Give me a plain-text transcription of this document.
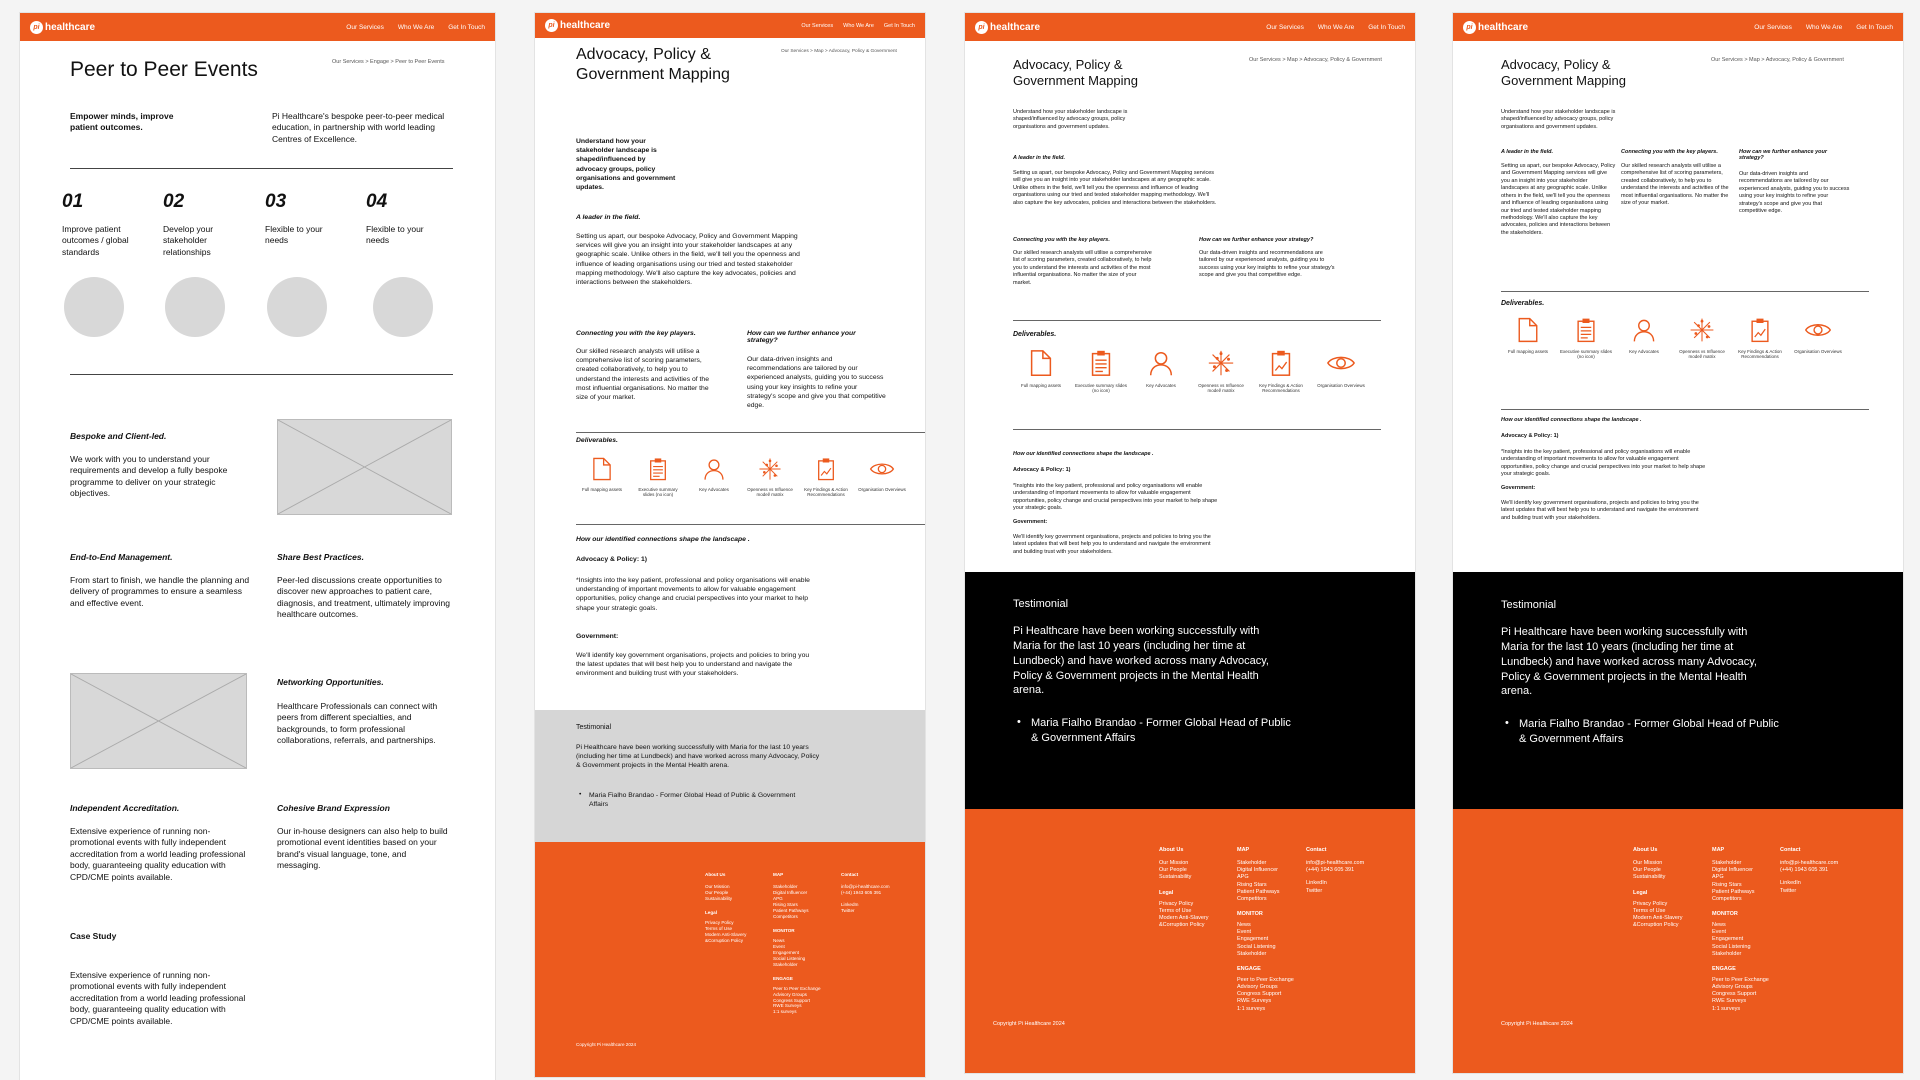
pi healthcare	Our Services Who We Are Get In Touch
Peer to Peer Events	Our Services > Engage > Peer to Peer Events
Empower minds, improve patient outcomes.
Pi Healthcare's bespoke peer-to-peer medical education, in partnership with world leading Centres of Excellence.
01
Improve patient outcomes / global standards
02
Develop your stakeholder relationships
03
Flexible to your needs
04
Flexible to your needs
Bespoke and Client-led.
We work with you to understand your requirements and develop a fully bespoke programme to deliver on your strategic objectives.
End-to-End Management.
From start to finish, we handle the planning and delivery of programmes to ensure a seamless and effective event.
Share Best Practices.
Peer-led discussions create opportunities to discover new approaches to patient care, diagnosis, and treatment, ultimately improving healthcare outcomes.
Networking Opportunities.
Healthcare Professionals can connect with peers from different specialties, and backgrounds, to form professional collaborations, referrals, and partnerships.
Independent Accreditation.
Extensive experience of running non-promotional events with fully independent accreditation from a world leading professional body, guaranteeing quality education with CPD/CME points available.
Cohesive Brand Expression
Our in-house designers can also help to build promotional event identities based on your brand's visual language, tone, and messaging.
Case Study
Extensive experience of running non-promotional events with fully independent accreditation from a world leading professional body, guaranteeing quality education with CPD/CME points available.
pi healthcare	Our Services Who We Are Get In Touch
Advocacy, Policy & Government Mapping
Our Services > Map > Advocacy, Policy & Government
Understand how your stakeholder landscape is shaped/influenced by advocacy groups, policy organisations and government updates.
A leader in the field.
Setting us apart, our bespoke Advocacy, Policy and Government Mapping services will give you an insight into your stakeholder landscapes at any geographic scale. Unlike others in the field, we'll tell you the openness and influence of leading organisations using our tried and tested stakeholder mapping methodology. We'll also capture the key advocates, policies and interactions between the stakeholders.
Connecting you with the key players.
Our skilled research analysts will utilise a comprehensive list of scoring parameters, created collaboratively, to help you to understand the interests and activities of the most influential organisations. No matter the size of your market.
How can we further enhance your strategy?
Our data-driven insights and recommendations are tailored by our experienced analysts, guiding you to success using your key insights to refine your strategy's scope and give you that competitive edge.
Deliverables.
Full mapping assets	Executive summary slides (no icon)
Key Advocates	Openness vs Influence model/ matrix
Key Findings & Action Recommendations
Organisation Overviews
How our identified connections shape the landscape .
Advocacy & Policy: 1)
*Insights into the key patient, professional and policy organisations will enable understanding of important movements to allow for valuable engagement opportunities, policy change and crucial perspectives into your market to help shape your strategic goals.
Government:
We'll identify key government organisations, projects and policies to bring you the latest updates that will best help you to understand and navigate the environment and building trust with your stakeholders.
Testimonial
Pi Healthcare have been working successfully with Maria for the last 10 years (including her time at Lundbeck) and have worked across many Advocacy, Policy & Government projects in the Mental Health arena.
• Maria Fialho Brandao - Former Global Head of Public & Government Affairs
About Us
Our Mission
Our People
Sustainability
Legal
Privacy Policy
Terms of Use
Modern Anti-Slavery &Corruption Policy
MAP
Stakeholder
Digital Influencer
APG
Rising Stars
Patient Pathways
Competitors
MONITOR
News
Event
Engagement
Social Listening
Stakeholder
ENGAGE
Peer to Peer Exchange
Advisory Groups
Congress Support
RWE Surveys
1:1 surveys
Contact
info@pi-healthcare.com
(+44) 1943 605 391
LinkedIn
Twitter
Copyright Pi Healthcare 2024
pi healthcare	Our Services Who We Are Get In Touch
Advocacy, Policy & Government Mapping
Our Services > Map > Advocacy, Policy & Government
Understand how your stakeholder landscape is shaped/influenced by advocacy groups, policy organisations and government updates.
A leader in the field.
Setting us apart, our bespoke Advocacy, Policy and Government Mapping services will give you an insight into your stakeholder landscapes at any geographic scale. Unlike others in the field, we'll tell you the openness and influence of leading organisations using our tried and tested stakeholder mapping methodology. We'll also capture the key advocates, policies and interactions between the stakeholders.
Connecting you with the key players.
Our skilled research analysts will utilise a comprehensive list of scoring parameters, created collaboratively, to help you to understand the interests and activities of the most influential organisations. No matter the size of your market.
How can we further enhance your strategy?
Our data-driven insights and recommendations are tailored by our experienced analysts, guiding you to success using your key insights to refine your strategy's scope and give you that competitive edge.
Deliverables.
Full mapping assets	Executive summary slides (no icon)
Key Advocates	Openness vs Influence model/ matrix
Key Findings & Action Recommendations
Organisation Overviews
How our identified connections shape the landscape .
Advocacy & Policy: 1)
*Insights into the key patient, professional and policy organisations will enable understanding of important movements to allow for valuable engagement opportunities, policy change and crucial perspectives into your market to help shape your strategic goals.
Government:
We'll identify key government organisations, projects and policies to bring you the latest updates that will best help you to understand and navigate the environment and building trust with your stakeholders.
Testimonial
Pi Healthcare have been working successfully with Maria for the last 10 years (including her time at Lundbeck) and have worked across many Advocacy, Policy & Government projects in the Mental Health arena.
• Maria Fialho Brandao - Former Global Head of Public & Government Affairs
About Us
Our Mission
Our People
Sustainability
Legal
Privacy Policy
Terms of Use
Modern Anti-Slavery &Corruption Policy
MAP
Stakeholder
Digital Influencer
APG
Rising Stars
Patient Pathways
Competitors
MONITOR
News
Event
Engagement
Social Listening
Stakeholder
ENGAGE
Peer to Peer Exchange
Advisory Groups
Congress Support
RWE Surveys
1:1 surveys
Contact
info@pi-healthcare.com
(+44) 1943 605 391
LinkedIn
Twitter
Copyright Pi Healthcare 2024
pi healthcare	Our Services Who We Are Get In Touch
Advocacy, Policy & Government Mapping
Our Services > Map > Advocacy, Policy & Government
Understand how your stakeholder landscape is shaped/influenced by advocacy groups, policy organisations and government updates.
A leader in the field.
Setting us apart, our bespoke Advocacy, Policy and Government Mapping services will give you an insight into your stakeholder landscapes at any geographic scale. Unlike others in the field, we'll tell you the openness and influence of leading organisations using our tried and tested stakeholder mapping methodology. We'll also capture the key advocates, policies and interactions between the stakeholders.
Connecting you with the key players.
Our skilled research analysts will utilise a comprehensive list of scoring parameters, created collaboratively, to help you to understand the interests and activities of the most influential organisations. No matter the size of your market.
How can we further enhance your strategy?
Our data-driven insights and recommendations are tailored by our experienced analysts, guiding you to success using your key insights to refine your strategy's scope and give you that competitive edge.
Deliverables.
Full mapping assets	Executive summary slides (no icon)
Key Advocates	Openness vs Influence model/ matrix
Key Findings & Action Recommendations
Organisation Overviews
How our identified connections shape the landscape .
Advocacy & Policy: 1)
*Insights into the key patient, professional and policy organisations will enable understanding of important movements to allow for valuable engagement opportunities, policy change and crucial perspectives into your market to help shape your strategic goals.
Government:
We'll identify key government organisations, projects and policies to bring you the latest updates that will best help you to understand and navigate the environment and building trust with your stakeholders.
Testimonial
Pi Healthcare have been working successfully with Maria for the last 10 years (including her time at Lundbeck) and have worked across many Advocacy, Policy & Government projects in the Mental Health arena.
• Maria Fialho Brandao - Former Global Head of Public & Government Affairs
About Us
Our Mission
Our People
Sustainability
Legal
Privacy Policy
Terms of Use
Modern Anti-Slavery &Corruption Policy
MAP
Stakeholder
Digital Influencer
APG
Rising Stars
Patient Pathways
Competitors
MONITOR
News
Event
Engagement
Social Listening
Stakeholder
ENGAGE
Peer to Peer Exchange
Advisory Groups
Congress Support
RWE Surveys
1:1 surveys
Contact
info@pi-healthcare.com
(+44) 1943 605 391
LinkedIn
Twitter
Copyright Pi Healthcare 2024
